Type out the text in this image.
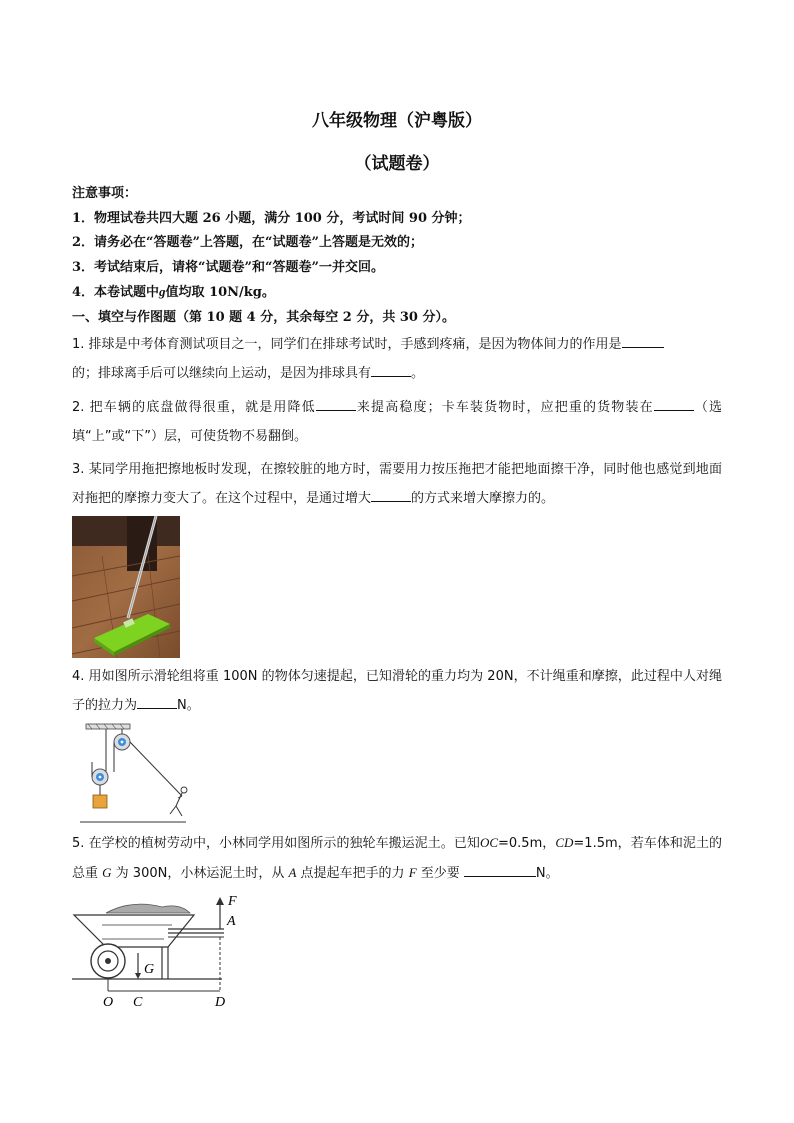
八年级物理（沪粤版）
（试题卷）
注意事项：
1．物理试卷共四大题 26 小题，满分 100 分，考试时间 90 分钟；
2．请务必在“答题卷”上答题，在“试题卷”上答题是无效的；
3．考试结束后，请将“试题卷”和“答题卷”一并交回。
4．本卷试题中g值均取 10N/kg。
一、填空与作图题（第 10 题 4 分，其余每空 2 分，共 30 分）。
1. 排球是中考体育测试项目之一，同学们在排球考试时，手感到疼痛，是因为物体间力的作用是
的；排球离手后可以继续向上运动，是因为排球具有	。
2. 把车辆的底盘做得很重，就是用降低	来提高稳度；卡车装货物时，应把重的货物装在	（选填“上”或“下”）层，可使货物不易翻倒。
3. 某同学用拖把擦地板时发现，在擦较脏的地方时，需要用力按压拖把才能把地面擦干净，同时他也感觉到地面对拖把的摩擦力变大了。在这个过程中，是通过增大	的方式来增大摩擦力的。
4. 用如图所示滑轮组将重 100N 的物体匀速提起，已知滑轮的重力均为 20N，不计绳重和摩擦，此过程中人对绳子的拉力为	N。
5. 在学校的植树劳动中，小林同学用如图所示的独轮车搬运泥土。已知OC=0.5m，CD=1.5m，若车体和泥土的总重 G 为 300N，小林运泥土时，从 A 点提起车把手的力 F 至少要	N。
F
A
G
O C	D
